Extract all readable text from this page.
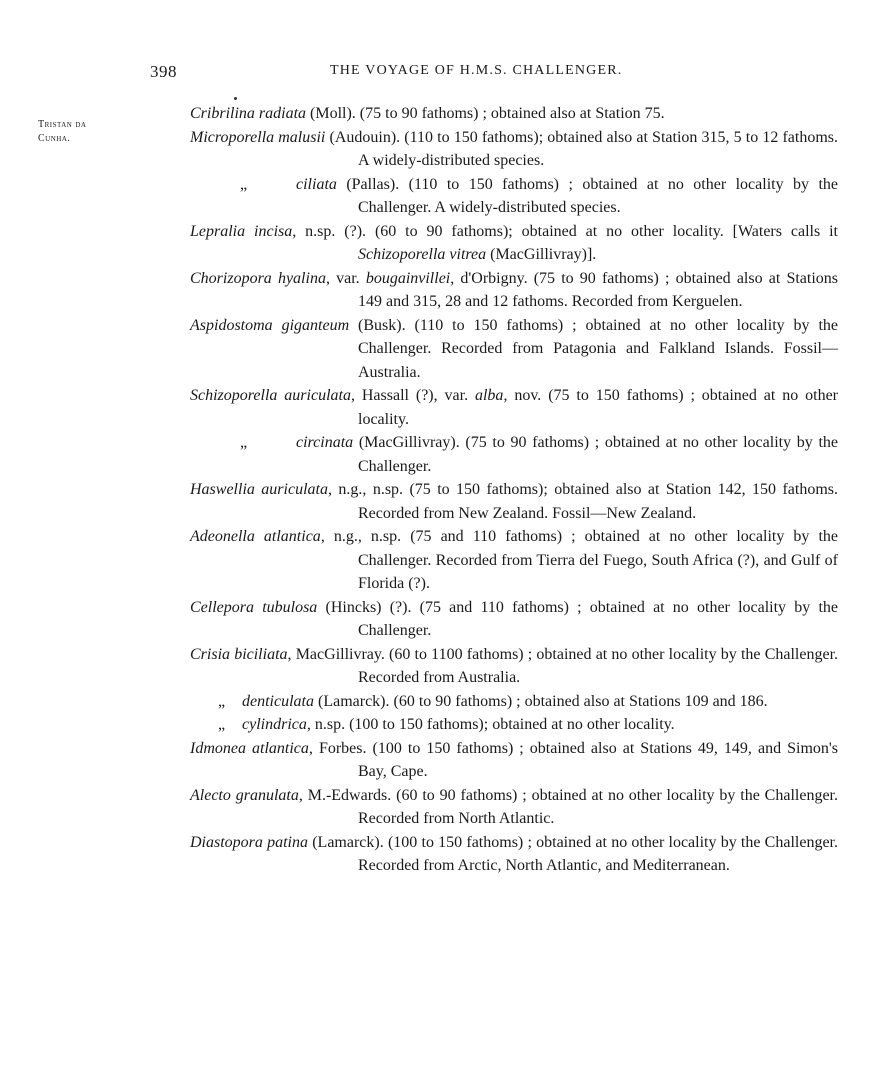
398	THE VOYAGE OF H.M.S. CHALLENGER.
Tristan da
Cunha.
Cribrilina radiata (Moll). (75 to 90 fathoms) ; obtained also at Station 75.
Microporella malusii (Audouin). (110 to 150 fathoms); obtained also at Station 315, 5 to 12 fathoms. A widely-distributed species.
„	ciliata (Pallas). (110 to 150 fathoms) ; obtained at no other locality by the Challenger. A widely-distributed species.
Lepralia incisa, n.sp. (?). (60 to 90 fathoms); obtained at no other locality. [Waters calls it Schizoporella vitrea (MacGillivray)].
Chorizopora hyalina, var. bougainvillei, d'Orbigny. (75 to 90 fathoms) ; obtained also at Stations 149 and 315, 28 and 12 fathoms. Recorded from Kerguelen.
Aspidostoma giganteum (Busk). (110 to 150 fathoms) ; obtained at no other locality by the Challenger. Recorded from Patagonia and Falkland Islands. Fossil—Australia.
Schizoporella auriculata, Hassall (?), var. alba, nov. (75 to 150 fathoms) ; obtained at no other locality.
„	circinata (MacGillivray). (75 to 90 fathoms) ; obtained at no other locality by the Challenger.
Haswellia auriculata, n.g., n.sp. (75 to 150 fathoms); obtained also at Station 142, 150 fathoms. Recorded from New Zealand. Fossil—New Zealand.
Adeonella atlantica, n.g., n.sp. (75 and 110 fathoms) ; obtained at no other locality by the Challenger. Recorded from Tierra del Fuego, South Africa (?), and Gulf of Florida (?).
Cellepora tubulosa (Hincks) (?). (75 and 110 fathoms) ; obtained at no other locality by the Challenger.
Crisia biciliata, MacGillivray. (60 to 1100 fathoms) ; obtained at no other locality by the Challenger. Recorded from Australia.
„ denticulata (Lamarck). (60 to 90 fathoms) ; obtained also at Stations 109 and 186.
„ cylindrica, n.sp. (100 to 150 fathoms); obtained at no other locality.
Idmonea atlantica, Forbes. (100 to 150 fathoms) ; obtained also at Stations 49, 149, and Simon's Bay, Cape.
Alecto granulata, M.-Edwards. (60 to 90 fathoms) ; obtained at no other locality by the Challenger. Recorded from North Atlantic.
Diastopora patina (Lamarck). (100 to 150 fathoms) ; obtained at no other locality by the Challenger. Recorded from Arctic, North Atlantic, and Mediterranean.
